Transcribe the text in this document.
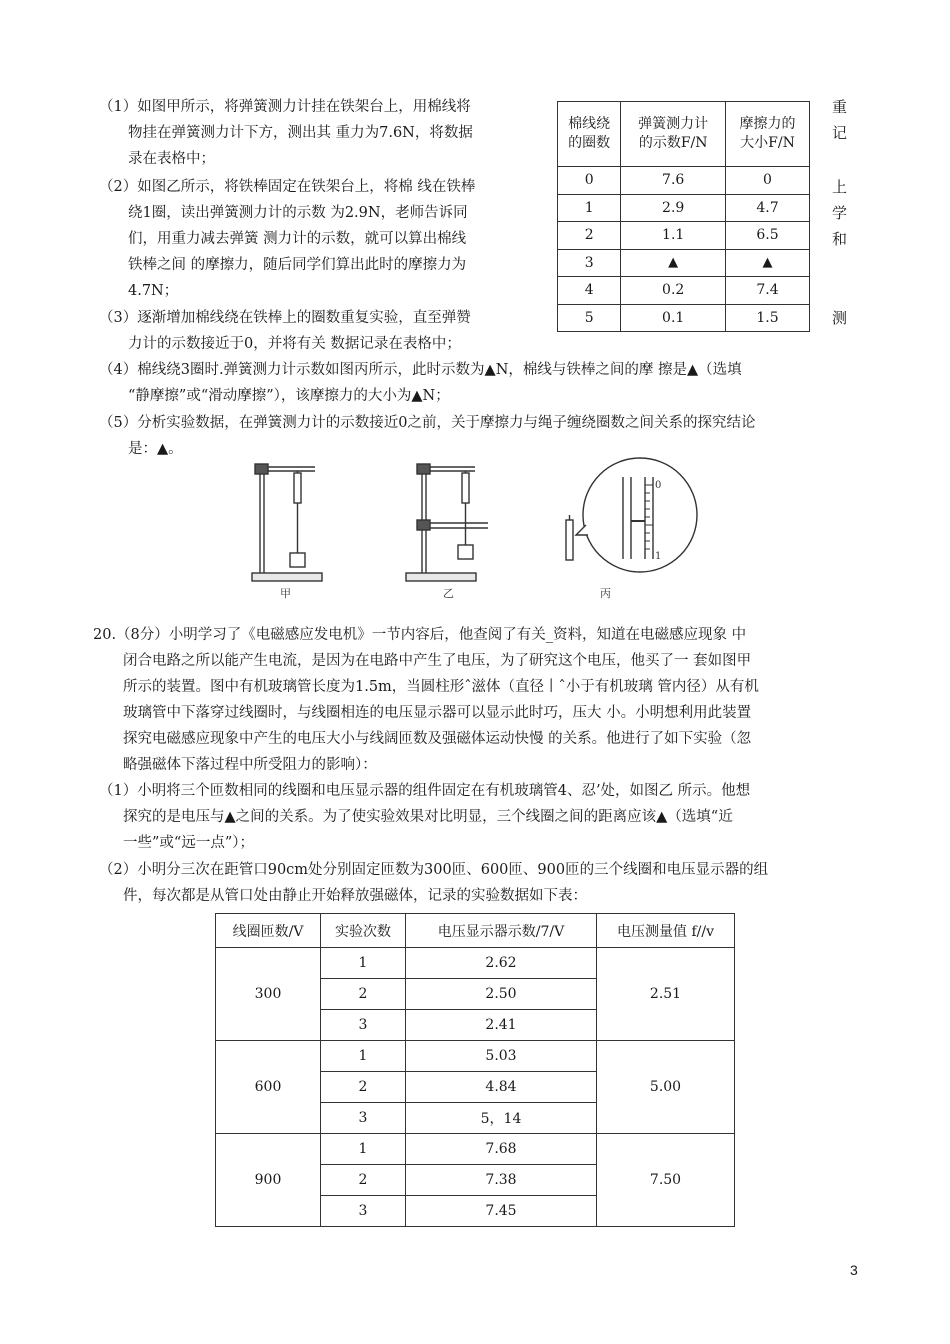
（1）如图甲所示，将弹簧测力计挂在铁架台上，用棉线将
物挂在弹簧测力计下方，测出其 重力为7.6N，将数据
录在表格中；
（2）如图乙所示，将铁棒固定在铁架台上，将棉 线在铁棒
绕1圈，读出弹簧测力计的示数 为2.9N，老师告诉同
们，用重力减去弹簧 测力计的示数，就可以算出棉线
铁棒之间 的摩擦力，随后同学们算出此时的摩擦力为
4.7N；
（3）逐渐增加棉线绕在铁棒上的圈数重复实验，直至弹赞
力计的示数接近于0，并将有关 数据记录在表格中；
（4）棉线绕3圈时.弹簧测力计示数如图丙所示，此时示数为▲N，棉线与铁棒之间的摩 擦是▲（选填
“静摩擦”或“滑动摩擦”），该摩擦力的大小为▲N；
（5）分析实验数据，在弹簧测力计的示数接近0之前，关于摩擦力与绳子缠绕圈数之间关系的探究结论
是：▲。
重
记
上
学
和
测
棉线绕
的圈数	弹簧测力计
的示数F/N	摩擦力的
大小F/N
0	7.6	0
1	2.9	4.7
2	1.1	6.5
3	▲	▲
4	0.2	7.4
5	0.1	1.5
0
1
甲	乙	丙
20.（8分）小明学习了《电磁感应发电机》一节内容后，他查阅了有关_资料，知道在电磁感应现象 中
闭合电路之所以能产生电流，是因为在电路中产生了电压，为了研究这个电压，他买了一 套如图甲
所示的装置。图中有机玻璃管长度为1.5m，当圆柱形ˆ滋体（直径丨ˆ小于有机玻璃 管内径）从有机
玻璃管中下落穿过线圈时，与线圈相连的电压显示器可以显示此时巧，压大 小。小明想利用此装置
探究电磁感应现象中产生的电压大小与线阔匝数及强磁体运动快慢 的关系。他进行了如下实验（忽
略强磁体下落过程中所受阻力的影响）：
（1）小明将三个匝数相同的线圈和电压显示器的组件固定在有机玻璃管4、忍’处，如图乙 所示。他想
探究的是电压与▲之间的关系。为了使实验效果对比明显，三个线圈之间的距离应该▲（选填“近
一些”或“远一点”）；
（2）小明分三次在距管口90cm处分别固定匝数为300匝、600匝、900匝的三个线圈和电压显示器的组
件，每次都是从管口处由静止开始释放强磁体，记录的实验数据如下表：
线圈匝数/V	实验次数	电压显示器示数/7/V	电压测量值 f//v
300	1	2.62	2.51
	2	2.50	
	3	2.41	
600	1	5.03	5.00
	2	4.84	
	3	5，14	
900	1	7.68	7.50
	2	7.38	
	3	7.45	
3
